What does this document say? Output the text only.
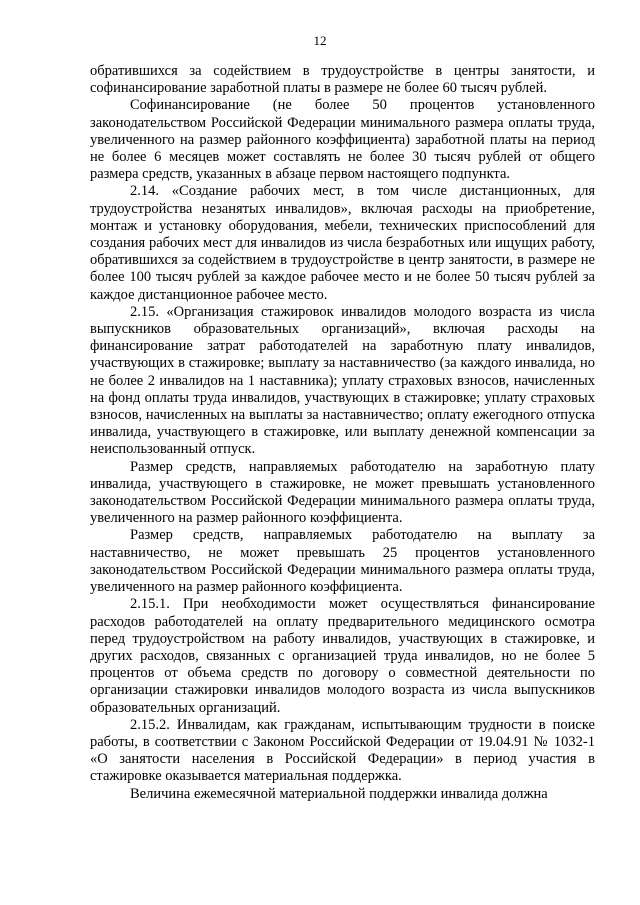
12

обратившихся за содействием в трудоустройстве в центры занятости, и софинансирование заработной платы в размере не более 60 тысяч рублей.

Софинансирование (не более 50 процентов установленного законодательством Российской Федерации минимального размера оплаты труда, увеличенного на размер районного коэффициента) заработной платы на период не более 6 месяцев может составлять не более 30 тысяч рублей от общего размера средств, указанных в абзаце первом настоящего подпункта.

2.14. «Создание рабочих мест, в том числе дистанционных, для трудоустройства незанятых инвалидов», включая расходы на приобретение, монтаж и установку оборудования, мебели, технических приспособлений для создания рабочих мест для инвалидов из числа безработных или ищущих работу, обратившихся за содействием в трудоустройстве в центр занятости, в размере не более 100 тысяч рублей за каждое рабочее место и не более 50 тысяч рублей за каждое дистанционное рабочее место.

2.15. «Организация стажировок инвалидов молодого возраста из числа выпускников образовательных организаций», включая расходы на финансирование затрат работодателей на заработную плату инвалидов, участвующих в стажировке; выплату за наставничество (за каждого инвалида, но не более 2 инвалидов на 1 наставника); уплату страховых взносов, начисленных на фонд оплаты труда инвалидов, участвующих в стажировке; уплату страховых взносов, начисленных на выплаты за наставничество; оплату ежегодного отпуска инвалида, участвующего в стажировке, или выплату денежной компенсации за неиспользованный отпуск.

Размер средств, направляемых работодателю на заработную плату инвалида, участвующего в стажировке, не может превышать установленного законодательством Российской Федерации минимального размера оплаты труда, увеличенного на размер районного коэффициента.

Размер средств, направляемых работодателю на выплату за наставничество, не может превышать 25 процентов установленного законодательством Российской Федерации минимального размера оплаты труда, увеличенного на размер районного коэффициента.

2.15.1. При необходимости может осуществляться финансирование расходов работодателей на оплату предварительного медицинского осмотра перед трудоустройством на работу инвалидов, участвующих в стажировке, и других расходов, связанных с организацией труда инвалидов, но не более 5 процентов от объема средств по договору о совместной деятельности по организации стажировки инвалидов молодого возраста из числа выпускников образовательных организаций.

2.15.2. Инвалидам, как гражданам, испытывающим трудности в поиске работы, в соответствии с Законом Российской Федерации от 19.04.91 № 1032-1 «О занятости населения в Российской Федерации» в период участия в стажировке оказывается материальная поддержка.

Величина ежемесячной материальной поддержки инвалида должна
